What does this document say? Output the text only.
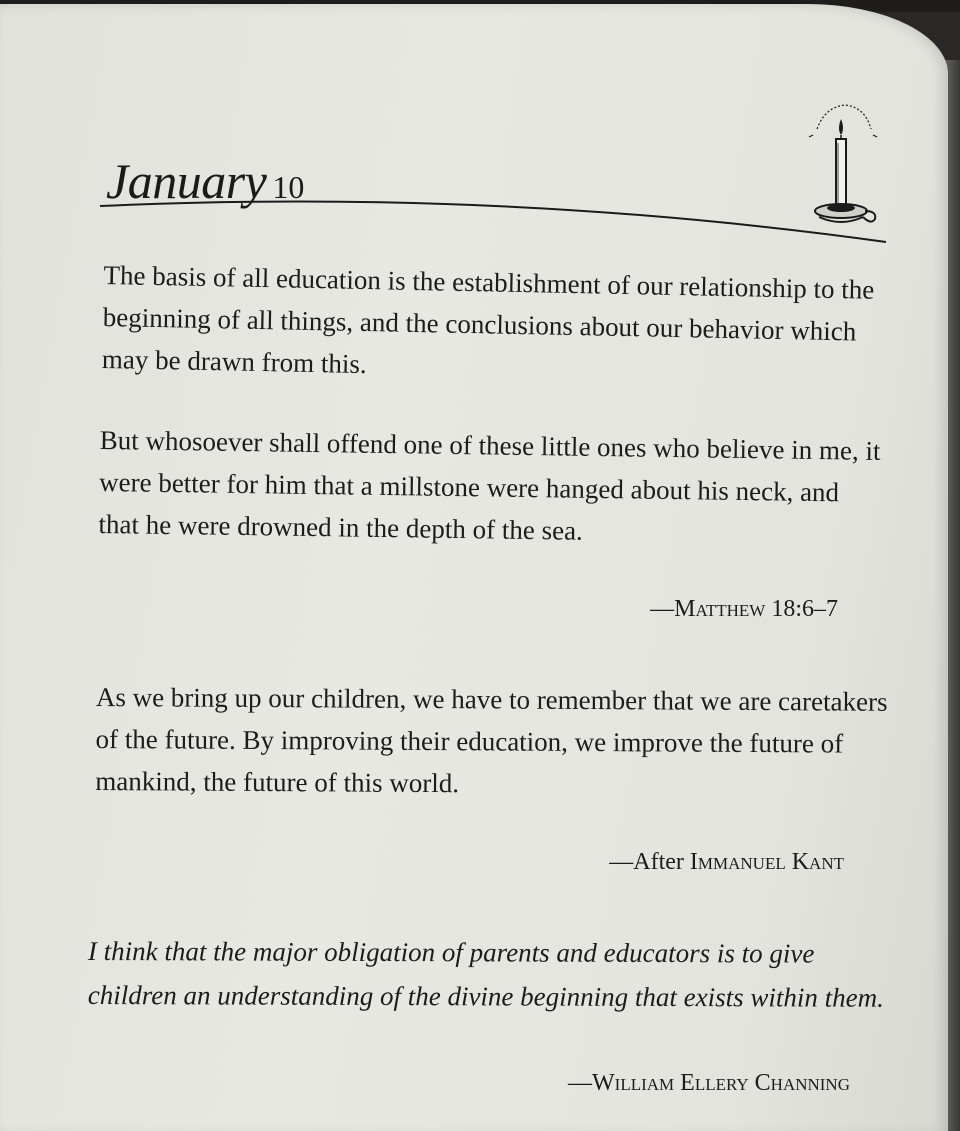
January 10

The basis of all education is the establishment of our relationship to the beginning of all things, and the conclusions about our behavior which may be drawn from this.

But whosoever shall offend one of these little ones who believe in me, it were better for him that a millstone were hanged about his neck, and that he were drowned in the depth of the sea.

—Matthew 18:6–7

As we bring up our children, we have to remember that we are caretakers of the future. By improving their education, we improve the future of mankind, the future of this world.

—After Immanuel Kant

I think that the major obligation of parents and educators is to give children an understanding of the divine beginning that exists within them.

—William Ellery Channing
